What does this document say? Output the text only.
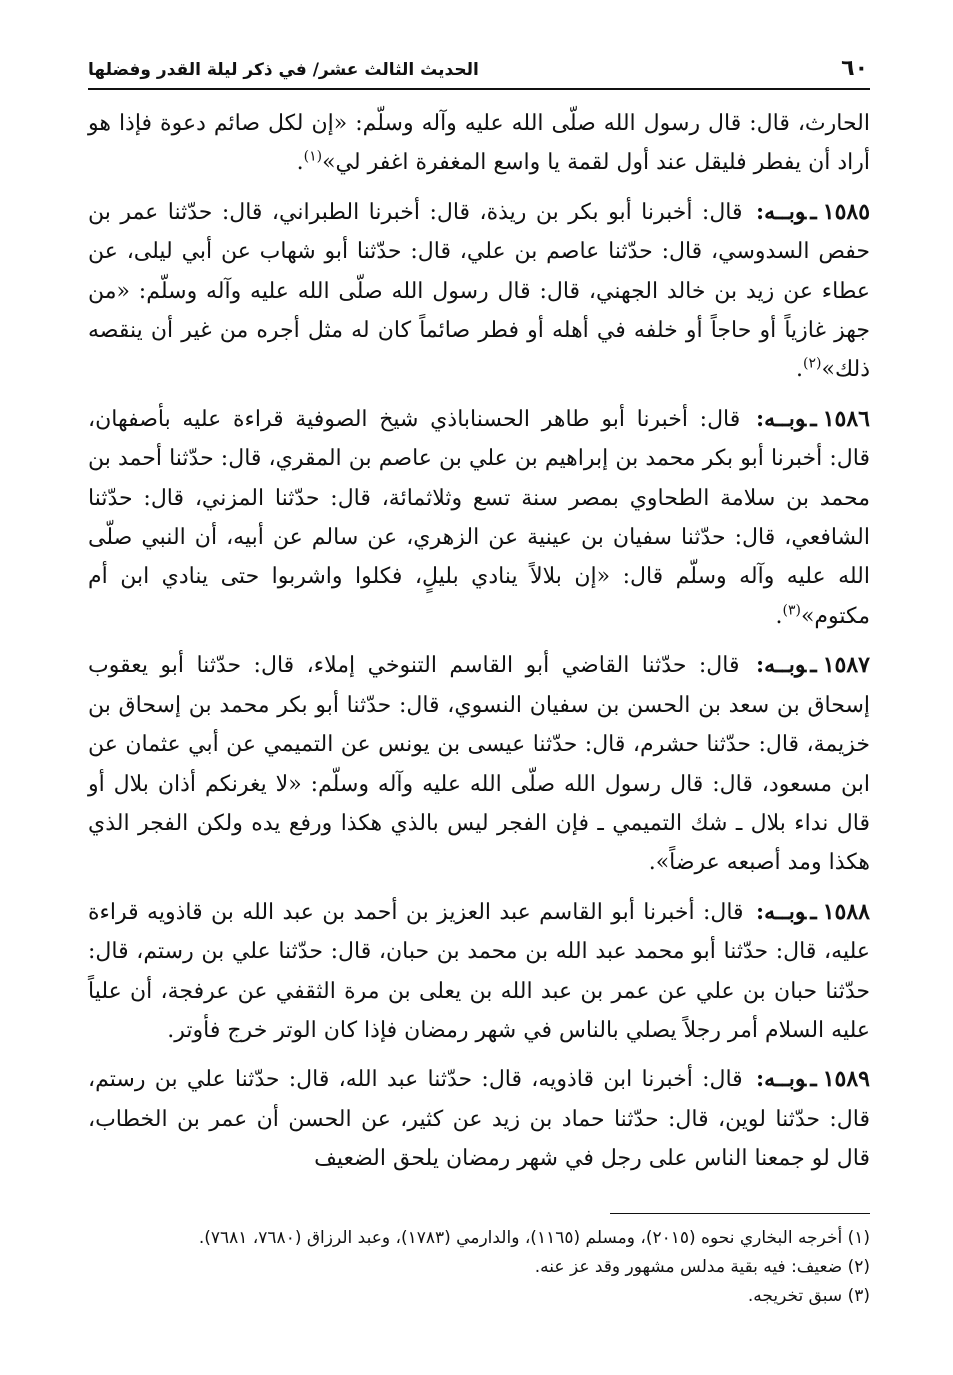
٦٠
الحديث الثالث عشر/ في ذكر ليلة القدر وفضلها

الحارث، قال: قال رسول الله صلّى الله عليه وآله وسلّم: «إن لكل صائم دعوة فإذا هو أراد أن يفطر فليقل عند أول لقمة يا واسع المغفرة اغفر لي»$^{(١)}$.

١٥٨٥ـوبــه: قال: أخبرنا أبو بكر بن ريذة، قال: أخبرنا الطبراني، قال: حدّثنا عمر بن حفص السدوسي، قال: حدّثنا عاصم بن علي، قال: حدّثنا أبو شهاب عن أبي ليلى، عن عطاء عن زيد بن خالد الجهني، قال: قال رسول الله صلّى الله عليه وآله وسلّم: «من جهز غازياً أو حاجاً أو خلفه في أهله أو فطر صائماً كان له مثل أجره من غير أن ينقصه ذلك»$^{(٢)}$.

١٥٨٦ـوبــه: قال: أخبرنا أبو طاهر الحسناباذي شيخ الصوفية قراءة عليه بأصفهان، قال: أخبرنا أبو بكر محمد بن إبراهيم بن علي بن عاصم بن المقري، قال: حدّثنا أحمد بن محمد بن سلامة الطحاوي بمصر سنة تسع وثلاثمائة، قال: حدّثنا المزني، قال: حدّثنا الشافعي، قال: حدّثنا سفيان بن عينية عن الزهري، عن سالم عن أبيه، أن النبي صلّى الله عليه وآله وسلّم قال: «إن بلالاً ينادي بليلٍ، فكلوا واشربوا حتى ينادي ابن أم مكتوم»$^{(٣)}$.

١٥٨٧ـوبــه: قال: حدّثنا القاضي أبو القاسم التنوخي إملاء، قال: حدّثنا أبو يعقوب إسحاق بن سعد بن الحسن بن سفيان النسوي، قال: حدّثنا أبو بكر محمد بن إسحاق بن خزيمة، قال: حدّثنا حشرم، قال: حدّثنا عيسى بن يونس عن التميمي عن أبي عثمان عن ابن مسعود، قال: قال رسول الله صلّى الله عليه وآله وسلّم: «لا يغرنكم أذان بلال أو قال نداء بلال ـ شك التميمي ـ فإن الفجر ليس بالذي هكذا ورفع يده ولكن الفجر الذي هكذا ومد أصبعه عرضاً».

١٥٨٨ـوبــه: قال: أخبرنا أبو القاسم عبد العزيز بن أحمد بن عبد الله بن قاذويه قراءة عليه، قال: حدّثنا أبو محمد عبد الله بن محمد بن حبان، قال: حدّثنا علي بن رستم، قال: حدّثنا حبان بن علي عن عمر بن عبد الله بن يعلى بن مرة الثقفي عن عرفجة، أن علياً عليه السلام أمر رجلاً يصلي بالناس في شهر رمضان فإذا كان الوتر خرج فأوتر.

١٥٨٩ـوبــه: قال: أخبرنا ابن قاذويه، قال: حدّثنا عبد الله، قال: حدّثنا علي بن رستم، قال: حدّثنا لوين، قال: حدّثنا حماد بن زيد عن كثير، عن الحسن أن عمر بن الخطاب، قال لو جمعنا الناس على رجل في شهر رمضان يلحق الضعيف

(١) أخرجه البخاري نحوه (٢٠١٥)، ومسلم (١١٦٥)، والدارمي (١٧٨٣)، وعبد الرزاق (٧٦٨٠، ٧٦٨١).

(٢) ضعيف: فيه بقية مدلس مشهور وقد عز عنه.

(٣) سبق تخريجه.
